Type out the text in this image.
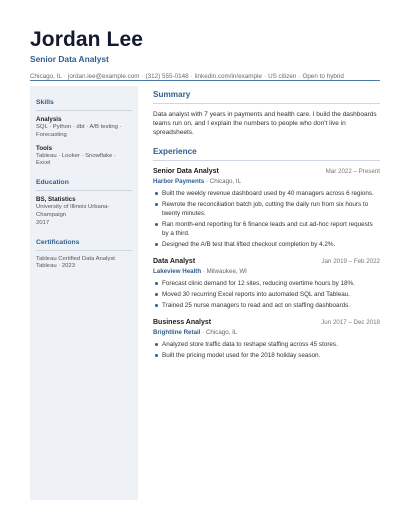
Jordan Lee
Senior Data Analyst
Chicago, IL · jordan.lee@example.com · (312) 555-0148 · linkedin.com/in/example · US citizen · Open to hybrid
Skills
Analysis
SQL · Python · dbt · A/B testing ·
Forecasting
Tools
Tableau · Looker · Snowflake ·
Excel
Education
BS, Statistics
University of Illinois Urbana-
Champaign
2017
Certifications
Tableau Certified Data Analyst
Tableau · 2023
Summary
Data analyst with 7 years in payments and health care. I build the dashboards teams run on, and I explain the numbers to people who don't live in spreadsheets.
Experience
Senior Data Analyst	Mar 2022 – Present
Harbor Payments · Chicago, IL
Built the weekly revenue dashboard used by 40 managers across 6 regions.
Rewrote the reconciliation batch job, cutting the daily run from six hours to twenty minutes.
Ran month-end reporting for 6 finance leads and cut ad-hoc report requests by a third.
Designed the A/B test that lifted checkout completion by 4.2%.
Data Analyst	Jan 2019 – Feb 2022
Lakeview Health · Milwaukee, WI
Forecast clinic demand for 12 sites, reducing overtime hours by 18%.
Moved 30 recurring Excel reports into automated SQL and Tableau.
Trained 25 nurse managers to read and act on staffing dashboards.
Business Analyst	Jun 2017 – Dec 2018
Brightline Retail · Chicago, IL
Analyzed store traffic data to reshape staffing across 45 stores.
Built the pricing model used for the 2018 holiday season.
